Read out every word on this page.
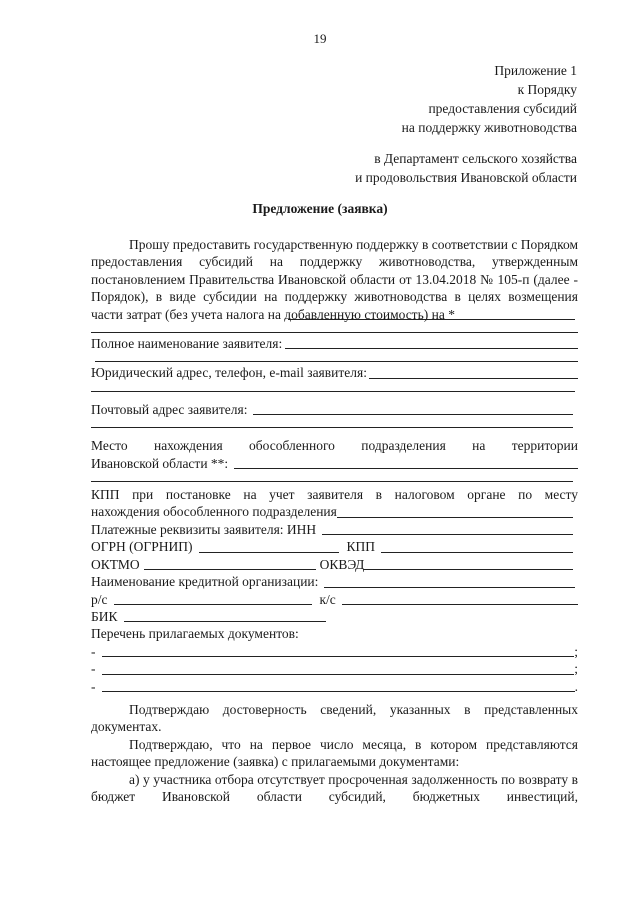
19
Приложение 1
к Порядку
предоставления субсидий
на поддержку животноводства
в Департамент сельского хозяйства
и продовольствия Ивановской области
Предложение (заявка)
Прошу предоставить государственную поддержку в соответствии с Порядком предоставления субсидий на поддержку животноводства, утвержденным постановлением Правительства Ивановской области от 13.04.2018 № 105-п (далее - Порядок), в виде субсидии на поддержку животноводства в целях возмещения части затрат (без учета налога на добавленную стоимость) на *
Полное наименование заявителя:
Юридический адрес, телефон, e-mail заявителя:
Почтовый адрес заявителя:
Место нахождения обособленного подразделения на территории
Ивановской области **:
КПП при постановке на учет заявителя в налоговом органе по месту
нахождения обособленного подразделения
Платежные реквизиты заявителя: ИНН
ОГРН (ОГРНИП)	КПП
ОКТМО	ОКВЭД
Наименование кредитной организации:
р/с	к/с
БИК
Перечень прилагаемых документов:
-	;
-	;
-	.
Подтверждаю достоверность сведений, указанных в представленных документах.
Подтверждаю, что на первое число месяца, в котором представляются настоящее предложение (заявка) с прилагаемыми документами:
а) у участника отбора отсутствует просроченная задолженность по возврату в бюджет Ивановской области субсидий, бюджетных инвестиций,
